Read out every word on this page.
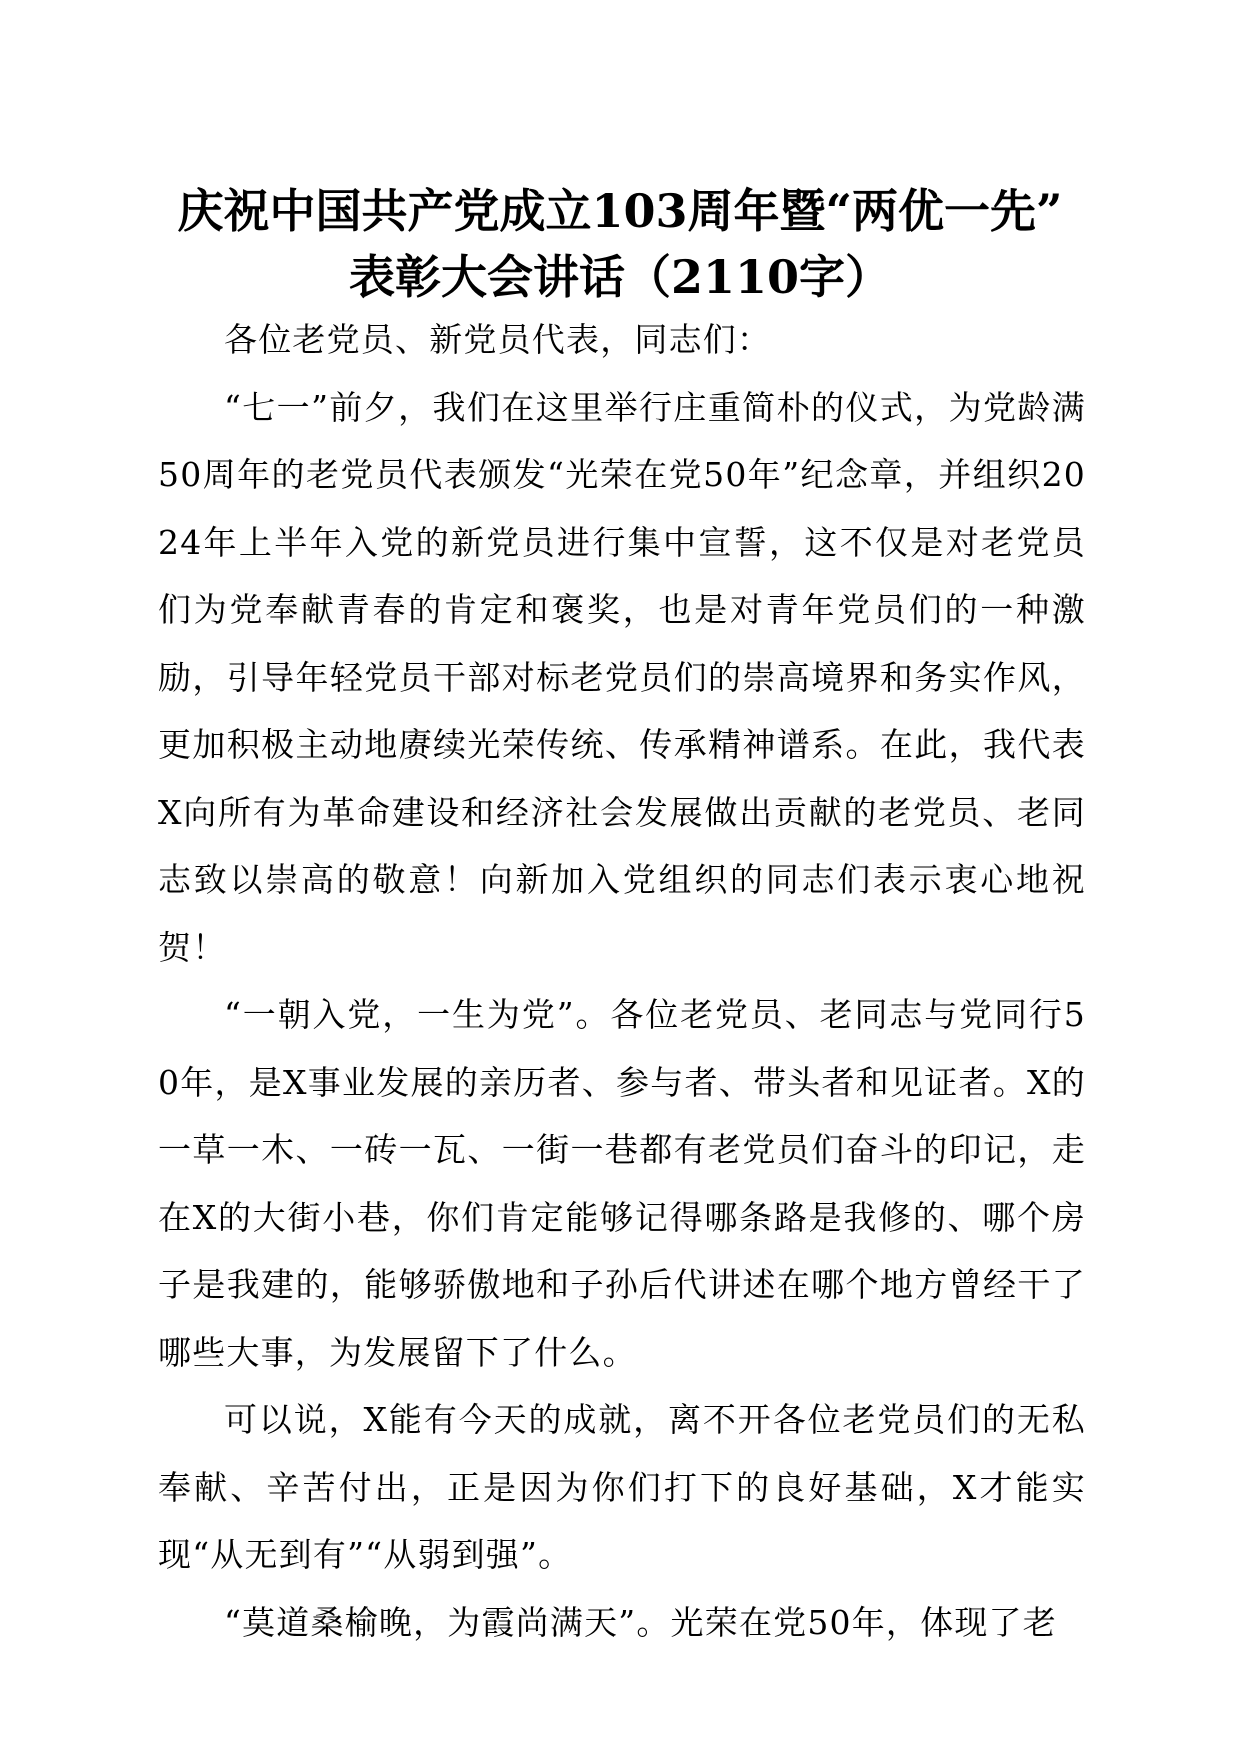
庆祝中国共产党成立103周年暨“两优一先”
表彰大会讲话（2110字）

各位老党员、新党员代表，同志们：

“七一”前夕，我们在这里举行庄重简朴的仪式，为党龄满50周年的老党员代表颁发“光荣在党50年”纪念章，并组织2024年上半年入党的新党员进行集中宣誓，这不仅是对老党员们为党奉献青春的肯定和褒奖，也是对青年党员们的一种激励，引导年轻党员干部对标老党员们的崇高境界和务实作风，更加积极主动地赓续光荣传统、传承精神谱系。在此，我代表X向所有为革命建设和经济社会发展做出贡献的老党员、老同志致以崇高的敬意！向新加入党组织的同志们表示衷心地祝贺！

“一朝入党，一生为党”。各位老党员、老同志与党同行50年，是X事业发展的亲历者、参与者、带头者和见证者。X的一草一木、一砖一瓦、一街一巷都有老党员们奋斗的印记，走在X的大街小巷，你们肯定能够记得哪条路是我修的、哪个房子是我建的，能够骄傲地和子孙后代讲述在哪个地方曾经干了哪些大事，为发展留下了什么。

可以说，X能有今天的成就，离不开各位老党员们的无私奉献、辛苦付出，正是因为你们打下的良好基础，X才能实现“从无到有”“从弱到强”。

“莫道桑榆晚，为霞尚满天”。光荣在党50年，体现了老
